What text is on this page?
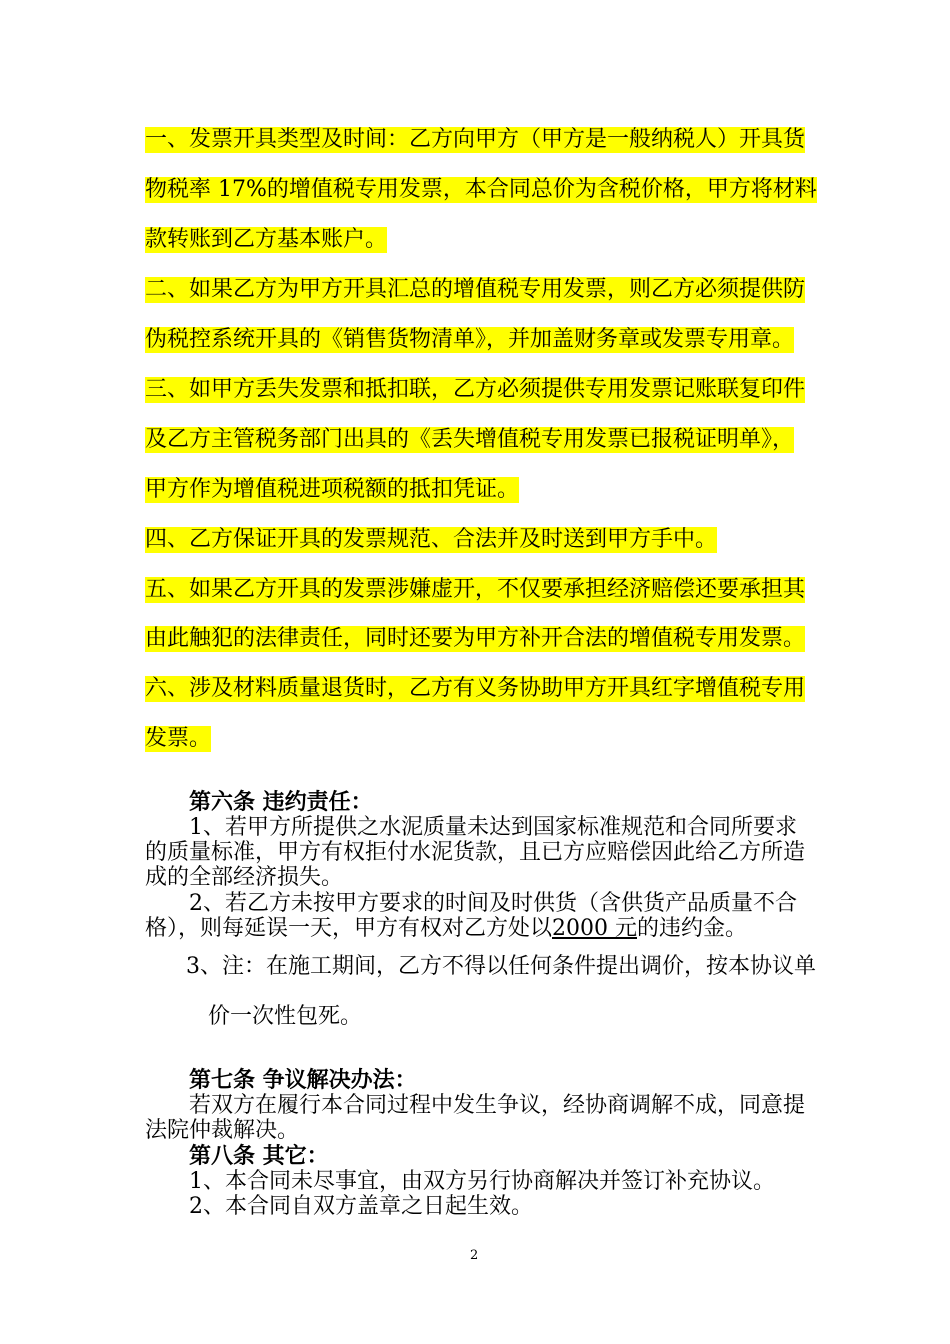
一、发票开具类型及时间：乙方向甲方（甲方是一般纳税人）开具货
物税率 17%的增值税专用发票，本合同总价为含税价格，甲方将材料
款转账到乙方基本账户。
二、如果乙方为甲方开具汇总的增值税专用发票，则乙方必须提供防
伪税控系统开具的《销售货物清单》，并加盖财务章或发票专用章。
三、如甲方丢失发票和抵扣联，乙方必须提供专用发票记账联复印件
及乙方主管税务部门出具的《丢失增值税专用发票已报税证明单》，
甲方作为增值税进项税额的抵扣凭证。
四、乙方保证开具的发票规范、合法并及时送到甲方手中。
五、如果乙方开具的发票涉嫌虚开，不仅要承担经济赔偿还要承担其
由此触犯的法律责任，同时还要为甲方补开合法的增值税专用发票。
六、涉及材料质量退货时，乙方有义务协助甲方开具红字增值税专用
发票。
第六条 违约责任：
1、若甲方所提供之水泥质量未达到国家标准规范和合同所要求
的质量标准，甲方有权拒付水泥货款，且已方应赔偿因此给乙方所造
成的全部经济损失。
2、若乙方未按甲方要求的时间及时供货（含供货产品质量不合
格），则每延误一天，甲方有权对乙方处以2000 元的违约金。
3、注：在施工期间，乙方不得以任何条件提出调价，按本协议单
价一次性包死。
第七条 争议解决办法：
若双方在履行本合同过程中发生争议，经协商调解不成，同意提
法院仲裁解决。
第八条 其它：
1、本合同未尽事宜，由双方另行协商解决并签订补充协议。
2、本合同自双方盖章之日起生效。
2
